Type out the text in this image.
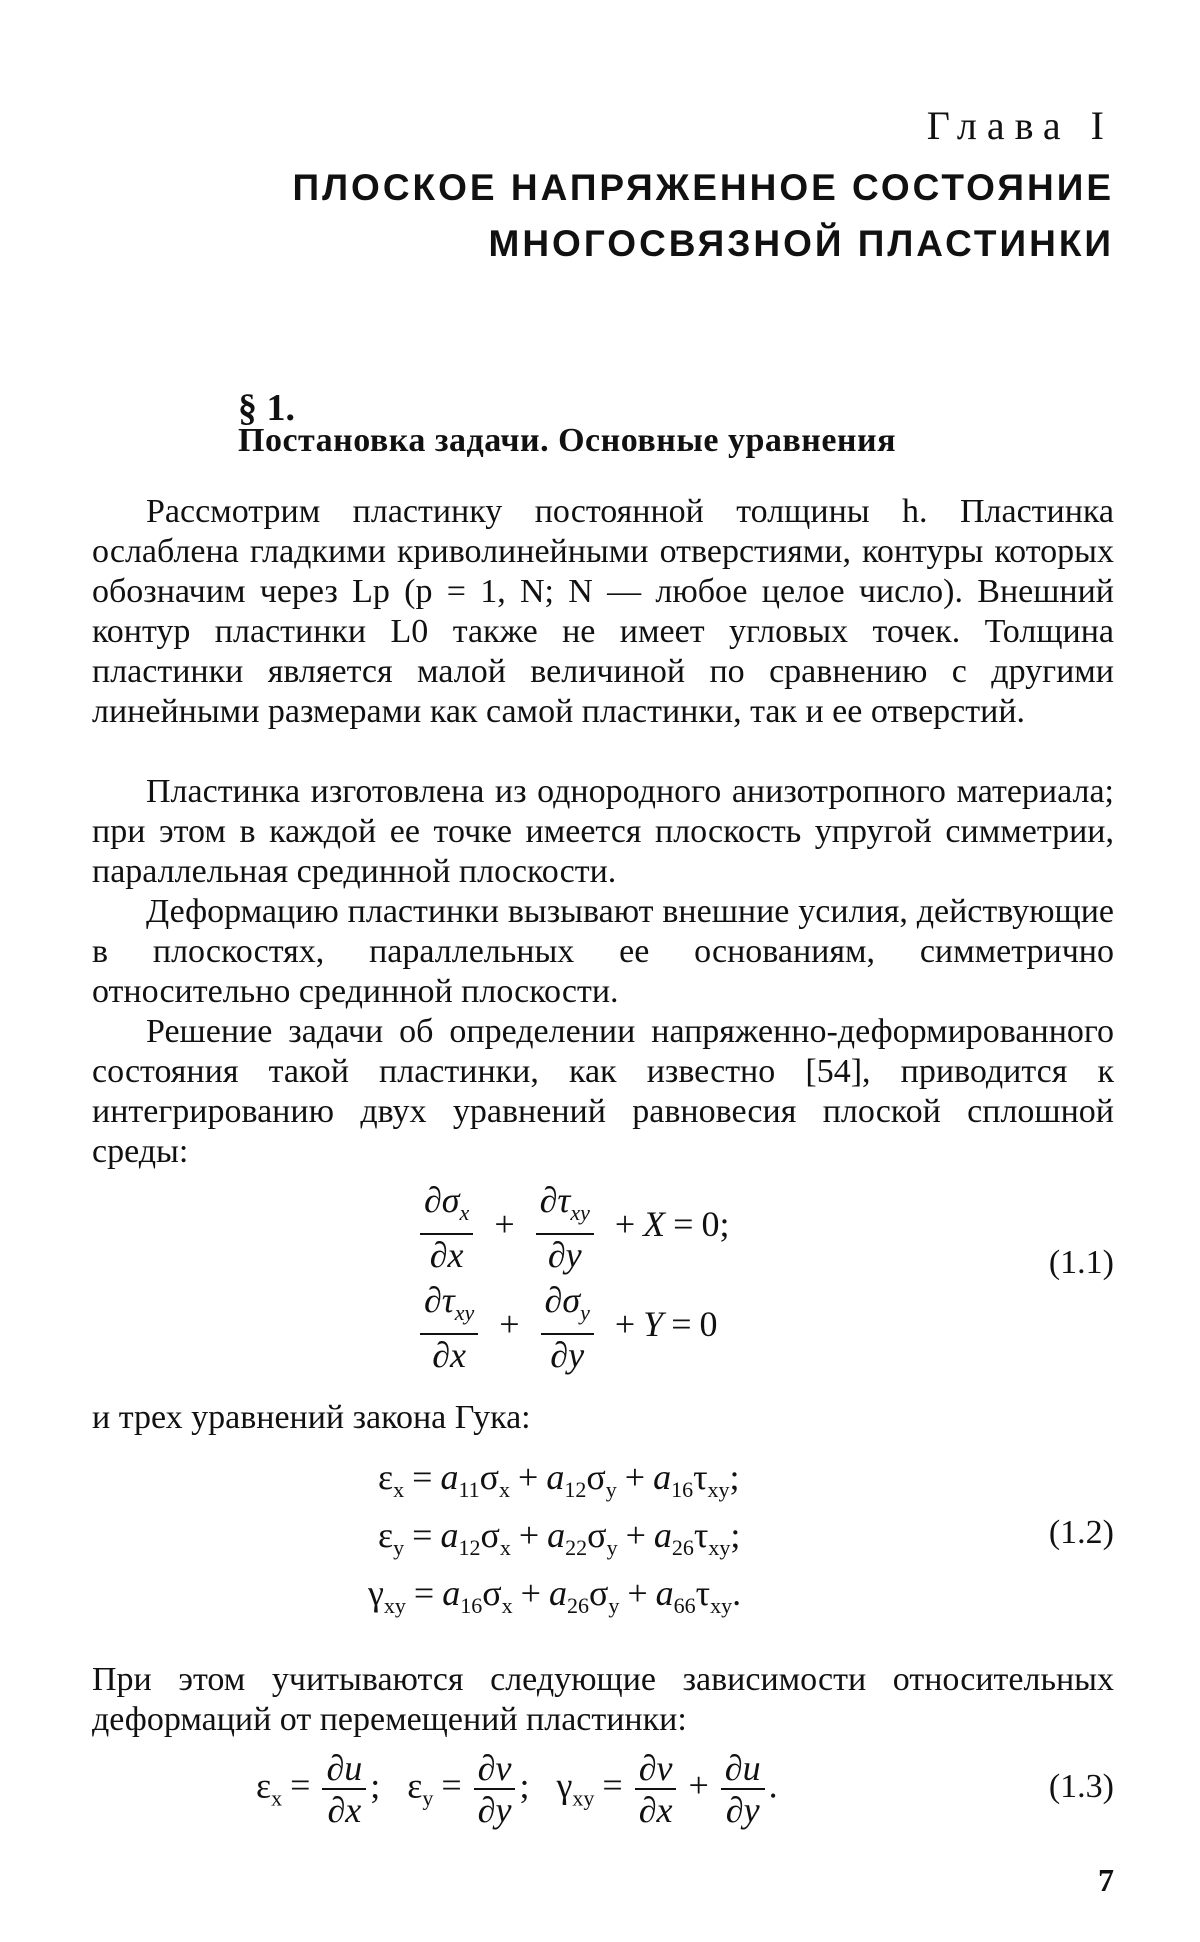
Глава I
ПЛОСКОЕ НАПРЯЖЕННОЕ СОСТОЯНИЕ
МНОГОСВЯЗНОЙ ПЛАСТИНКИ
§ 1.
Постановка задачи. Основные уравнения
Рассмотрим пластинку постоянной толщины h. Пластинка ослаблена гладкими криволинейными отверстиями, контуры которых обозначим через Lp (p = 1, N; N — любое целое число). Внешний контур пластинки L0 также не имеет угловых точек. Толщина пластинки является малой величиной по сравнению с другими линейными размерами как самой пластинки, так и ее отверстий.
Пластинка изготовлена из однородного анизотропного материала; при этом в каждой ее точке имеется плоскость упругой симметрии, параллельная срединной плоскости.
Деформацию пластинки вызывают внешние усилия, действующие в плоскостях, параллельных ее основаниям, симметрично относительно срединной плоскости.
Решение задачи об определении напряженно-деформированного состояния такой пластинки, как известно [54], приводится к интегрированию двух уравнений равновесия плоской сплошной среды:
$\frac{\partial\sigma_x}{\partial x} + \frac{\partial\tau_{xy}}{\partial y} + X = 0$;
$\frac{\partial\tau_{xy}}{\partial x} + \frac{\partial\sigma_y}{\partial y} + Y = 0$
(1.1)
и трех уравнений закона Гука:
$\varepsilon_x = a_{11}\sigma_x + a_{12}\sigma_y + a_{16}\tau_{xy}$;
$\varepsilon_y = a_{12}\sigma_x + a_{22}\sigma_y + a_{26}\tau_{xy}$;
$\gamma_{xy} = a_{16}\sigma_x + a_{26}\sigma_y + a_{66}\tau_{xy}$.
(1.2)
При этом учитываются следующие зависимости относительных деформаций от перемещений пластинки:
$\varepsilon_x = \frac{\partial u}{\partial x}$ ;   $\varepsilon_y = \frac{\partial v}{\partial y}$ ;   $\gamma_{xy} = \frac{\partial v}{\partial x} + \frac{\partial u}{\partial y}$ .	(1.3)
7
